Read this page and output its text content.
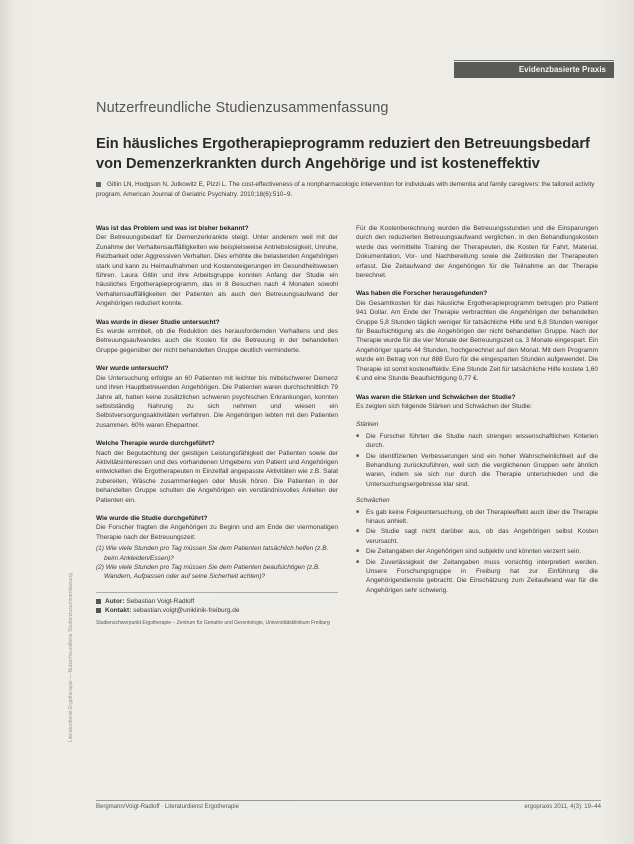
Evidenzbasierte Praxis
Literaturdienst Ergotherapie — Nutzerfreundliche Studienzusammenfassung
Nutzerfreundliche Studienzusammenfassung
Ein häusliches Ergotherapieprogramm reduziert den Betreuungsbedarf von Demenzerkrankten durch Angehörige und ist kosteneffektiv
Gitlin LN, Hodgson N, Jutkowitz E, Pizzi L. The cost-effectiveness of a nonpharmacologic intervention for individuals with dementia and family caregivers: the tailored activity program. American Journal of Geriatric Psychiatry. 2010;18(6):510–9.

Was ist das Problem und was ist bisher bekannt?

Der Betreuungsbedarf für Demenzerkrankte steigt. Unter anderem weil mit der Zunahme der Verhaltensauffälligkeiten wie beispielsweise Antriebslosigkeit, Unruhe, Reizbarkeit oder Aggressiven Verhalten. Dies erhöhte die belastenden Angehörigen stark und kann zu Heimaufnahmen und Kostensteigerungen im Gesundheitswesen führen. Laura Gitlin und ihre Arbeitsgruppe konnten Anfang der Studie ein häusliches Ergotherapieprogramm, das in 8 Besuchen nach 4 Monaten sowohl Verhaltensauffälligkeiten der Patienten als auch den Betreuungsaufwand der Angehörigen reduziert konnte.

Was wurde in dieser Studie untersucht?

Es wurde ermittelt, ob die Reduktion des herausfordernden Verhaltens und des Betreuungsaufwandes auch die Kosten für die Betreuung in der behandelten Gruppe gegenüber der nicht behandelten Gruppe deutlich verminderte.

Wer wurde untersucht?

Die Untersuchung erfolgte an 60 Patienten mit leichter bis mittelschwerer Demenz und ihren Hauptbetreuenden Angehörigen. Die Patienten waren durchschnittlich 79 Jahre alt, hatten keine zusätzlichen schweren psychischen Erkrankungen, konnten selbstständig Nahrung zu sich nehmen und wiesen ein Selbstversorgungsaktivitäten verfahren. Die Angehörigen lebten mit den Patienten zusammen. 60% waren Ehepartner.

Welche Therapie wurde durchgeführt?

Nach der Begutachtung der geistigen Leistungsfähigkeit der Patienten sowie der Aktivitätsinteressen und des vorhandenen Umgebens von Patient und Angehörigen entwickelten die Ergotherapeuten in Einzelfall angepasste Aktivitäten wie z.B. Salat zubereiten, Wäsche zusammenlegen oder Musik hören. Die Patienten in der behandelten Gruppe schulten die Angehörigen ein verständnisvolles Anleiten der Patienten ein.

Wie wurde die Studie durchgeführt?

Die Forscher fragten die Angehörigen zu Beginn und am Ende der viermonatigen Therapie nach der Betreuungszeit:

(1) Wie viele Stunden pro Tag müssen Sie dem Patienten tatsächlich helfen (z.B. beim Ankleiden/Essen)?

(2) Wie viele Stunden pro Tag müssen Sie dem Patienten beaufsichtigen (z.B. Wandern, Aufpassen oder auf seine Sicherheit achten)?

Autor: Sebastian Voigt-Radloff

Kontakt: sebastian.voigt@uniklinik-freiburg.de

Studienschwerpunkt Ergotherapie – Zentrum für Geriatrie und Gerontologie, Universitätsklinikum Freiburg

Für die Kostenberechnung wurden die Betreuungsstunden und die Einsparungen durch den reduzierten Betreuungsaufwand verglichen. In den Behandlungskosten wurde das vermittelte Training der Therapeuten, die Kosten für Fahrt, Material, Dokumentation, Vor- und Nachbereitung sowie die Zeitkosten der Therapeuten erfasst. Die Zeitaufwand der Angehörigen für die Teilnahme an der Therapie berechnet.

Was haben die Forscher herausgefunden?

Die Gesamtkosten für das häusliche Ergotherapieprogramm betrugen pro Patient 941 Dollar. Am Ende der Therapie verbrachten die Angehörigen der behandelten Gruppe 5,8 Stunden täglich weniger für tatsächliche Hilfe und 6,8 Stunden weniger für Beaufsichtigung als die Angehörigen der nicht behandelten Gruppe. Nach der Therapie wurde für die vier Monate der Betreuungszeit ca. 3 Monate eingespart. Ein Angehöriger sparte 44 Stunden, hochgerechnet auf den Monat. Mit dem Programm wurde ein Betrag von nur 888 Euro für die eingesparten Stunden aufgewendet. Die Therapie ist somit kosteneffektiv. Eine Stunde Zeit für tatsächliche Hilfe kostete 1,60 € und eine Stunde Beaufsichtigung 0,77 €.

Was waren die Stärken und Schwächen der Studie?

Es zeigten sich folgende Stärken und Schwächen der Studie:

Stärken

■ Die Forscher führten die Studie nach strengen wissenschaftlichen Kriterien durch.
■ Die identifizierten Verbesserungen sind ein hoher Wahrscheinlichkeit auf die Behandlung zurückzuführen, weil sich die verglichenen Gruppen sehr ähnlich waren, indem sie sich nur durch die Therapie unterschieden und die Untersuchungsergebnisse klar sind.

Schwächen

■ Es gab keine Folgeuntersuchung, ob der Therapieeffekt auch über die Therapie hinaus anhielt.
■ Die Studie sagt nicht darüber aus, ob das Angehörigen selbst Kosten verursacht.
■ Die Zeitangaben der Angehörigen sind subjektiv und könnten verzerrt sein.
■ Die Zuverlässigkeit der Zeitangaben muss vorsichtig interpretiert werden. Unsere Forschungsgruppe in Freiburg hat zur Einführung die Angehörigendienste gebracht. Die Einschätzung zum Zeitaufwand war für die Angehörigen sehr schwierig.
Bergmann/Voigt-Radloff · Literaturdienst Ergotherapie	ergopraxis 2011, 4(3): 19–44
